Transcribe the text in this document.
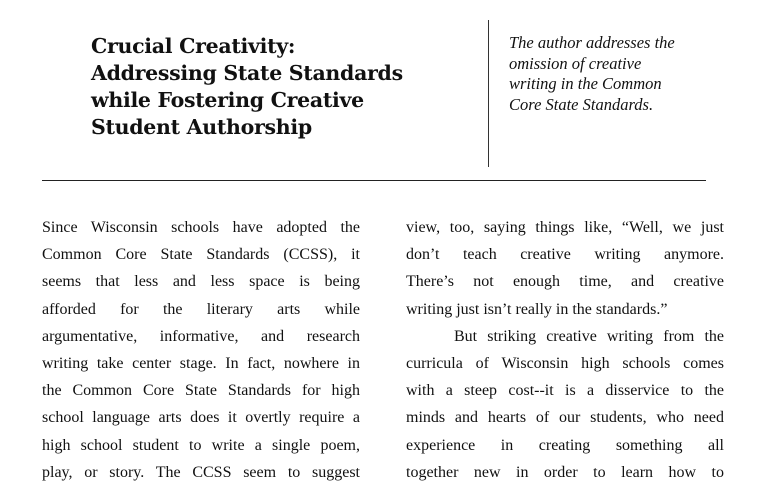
Crucial Creativity:
Addressing State Standards
while Fostering Creative
Student Authorship

The author addresses the
omission of creative
writing in the Common
Core State Standards.

Since Wisconsin schools have adopted the
Common Core State Standards (CCSS), it
seems that less and less space is being
afforded for the literary arts while
argumentative, informative, and research
writing take center stage. In fact, nowhere in
the Common Core State Standards for high
school language arts does it overtly require a
high school student to write a single poem,
play, or story. The CCSS seem to suggest
view, too, saying things like, “Well, we just
don’t teach creative writing anymore.
There’s not enough time, and creative
writing just isn’t really in the standards.”
But striking creative writing from the
curricula of Wisconsin high schools comes
with a steep cost--it is a disservice to the
minds and hearts of our students, who need
experience in creating something all
together new in order to learn how to
